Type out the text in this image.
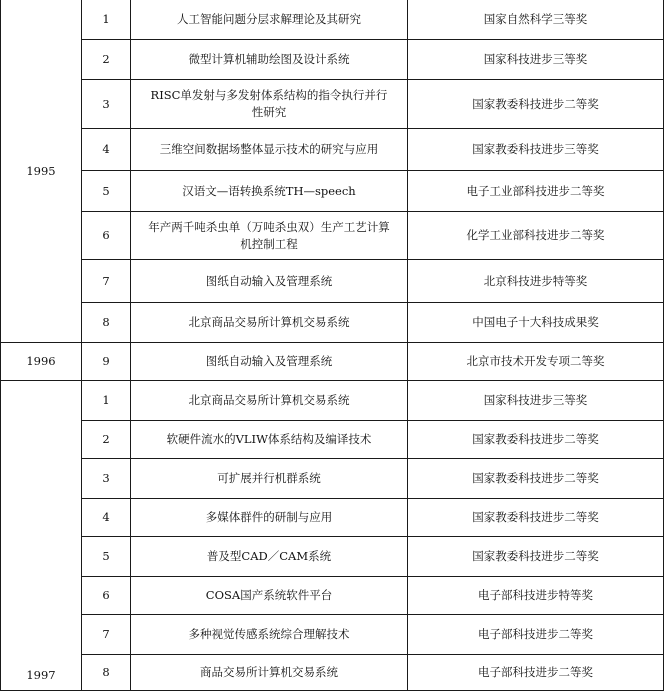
1995	1	人工智能问题分层求解理论及其研究	国家自然科学三等奖
	2	微型计算机辅助绘图及设计系统	国家科技进步三等奖
	3	RISC单发射与多发射体系结构的指令执行并行性研究	国家教委科技进步二等奖
	4	三维空间数据场整体显示技术的研究与应用	国家教委科技进步三等奖
	5	汉语文—语转换系统TH—speech	电子工业部科技进步二等奖
	6	年产两千吨杀虫单（万吨杀虫双）生产工艺计算机控制工程	化学工业部科技进步二等奖
	7	图纸自动输入及管理系统	北京科技进步特等奖
	8	北京商品交易所计算机交易系统	中国电子十大科技成果奖
1996	9	图纸自动输入及管理系统	北京市技术开发专项二等奖
1997	1	北京商品交易所计算机交易系统	国家科技进步三等奖
	2	软硬件流水的VLIW体系结构及编译技术	国家教委科技进步二等奖
	3	可扩展并行机群系统	国家教委科技进步二等奖
	4	多媒体群件的研制与应用	国家教委科技进步二等奖
	5	普及型CAD／CAM系统	国家教委科技进步二等奖
	6	COSA国产系统软件平台	电子部科技进步特等奖
	7	多种视觉传感系统综合理解技术	电子部科技进步二等奖
	8	商品交易所计算机交易系统	电子部科技进步二等奖
